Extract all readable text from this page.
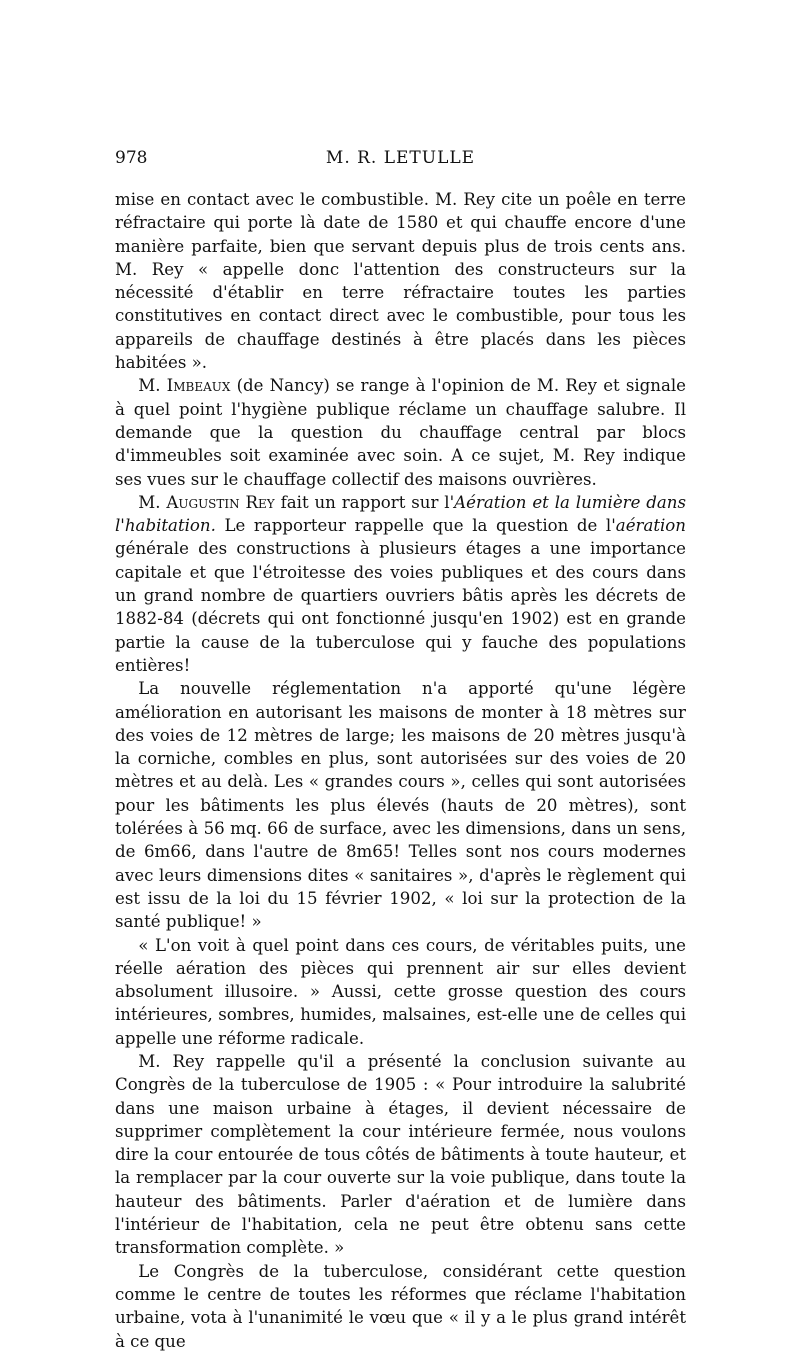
978	M. R. LETULLE

mise en contact avec le combustible. M. Rey cite un poêle en terre réfractaire qui porte là date de 1580 et qui chauffe encore d'une manière parfaite, bien que servant depuis plus de trois cents ans. M. Rey « appelle donc l'attention des constructeurs sur la nécessité d'établir en terre réfractaire toutes les parties constitutives en contact direct avec le combustible, pour tous les appareils de chauffage destinés à être placés dans les pièces habitées ».

M. Imbeaux (de Nancy) se range à l'opinion de M. Rey et signale à quel point l'hygiène publique réclame un chauffage salubre. Il demande que la question du chauffage central par blocs d'immeubles soit examinée avec soin. A ce sujet, M. Rey indique ses vues sur le chauffage collectif des maisons ouvrières.

M. Augustin Rey fait un rapport sur l'Aération et la lumière dans l'habitation. Le rapporteur rappelle que la question de l'aération générale des constructions à plusieurs étages a une importance capitale et que l'étroitesse des voies publiques et des cours dans un grand nombre de quartiers ouvriers bâtis après les décrets de 1882-84 (décrets qui ont fonctionné jusqu'en 1902) est en grande partie la cause de la tuberculose qui y fauche des populations entières!

La nouvelle réglementation n'a apporté qu'une légère amélioration en autorisant les maisons de monter à 18 mètres sur des voies de 12 mètres de large; les maisons de 20 mètres jusqu'à la corniche, combles en plus, sont autorisées sur des voies de 20 mètres et au delà. Les « grandes cours », celles qui sont autorisées pour les bâtiments les plus élevés (hauts de 20 mètres), sont tolérées à 56 mq. 66 de surface, avec les dimensions, dans un sens, de 6m66, dans l'autre de 8m65! Telles sont nos cours modernes avec leurs dimensions dites « sanitaires », d'après le règlement qui est issu de la loi du 15 février 1902, « loi sur la protection de la santé publique! »

« L'on voit à quel point dans ces cours, de véritables puits, une réelle aération des pièces qui prennent air sur elles devient absolument illusoire. » Aussi, cette grosse question des cours intérieures, sombres, humides, malsaines, est-elle une de celles qui appelle une réforme radicale.

M. Rey rappelle qu'il a présenté la conclusion suivante au Congrès de la tuberculose de 1905 : « Pour introduire la salubrité dans une maison urbaine à étages, il devient nécessaire de supprimer complètement la cour intérieure fermée, nous voulons dire la cour entourée de tous côtés de bâtiments à toute hauteur, et la remplacer par la cour ouverte sur la voie publique, dans toute la hauteur des bâtiments. Parler d'aération et de lumière dans l'intérieur de l'habitation, cela ne peut être obtenu sans cette transformation complète. »

Le Congrès de la tuberculose, considérant cette question comme le centre de toutes les réformes que réclame l'habitation urbaine, vota à l'unanimité le vœu que « il y a le plus grand intérêt à ce que
